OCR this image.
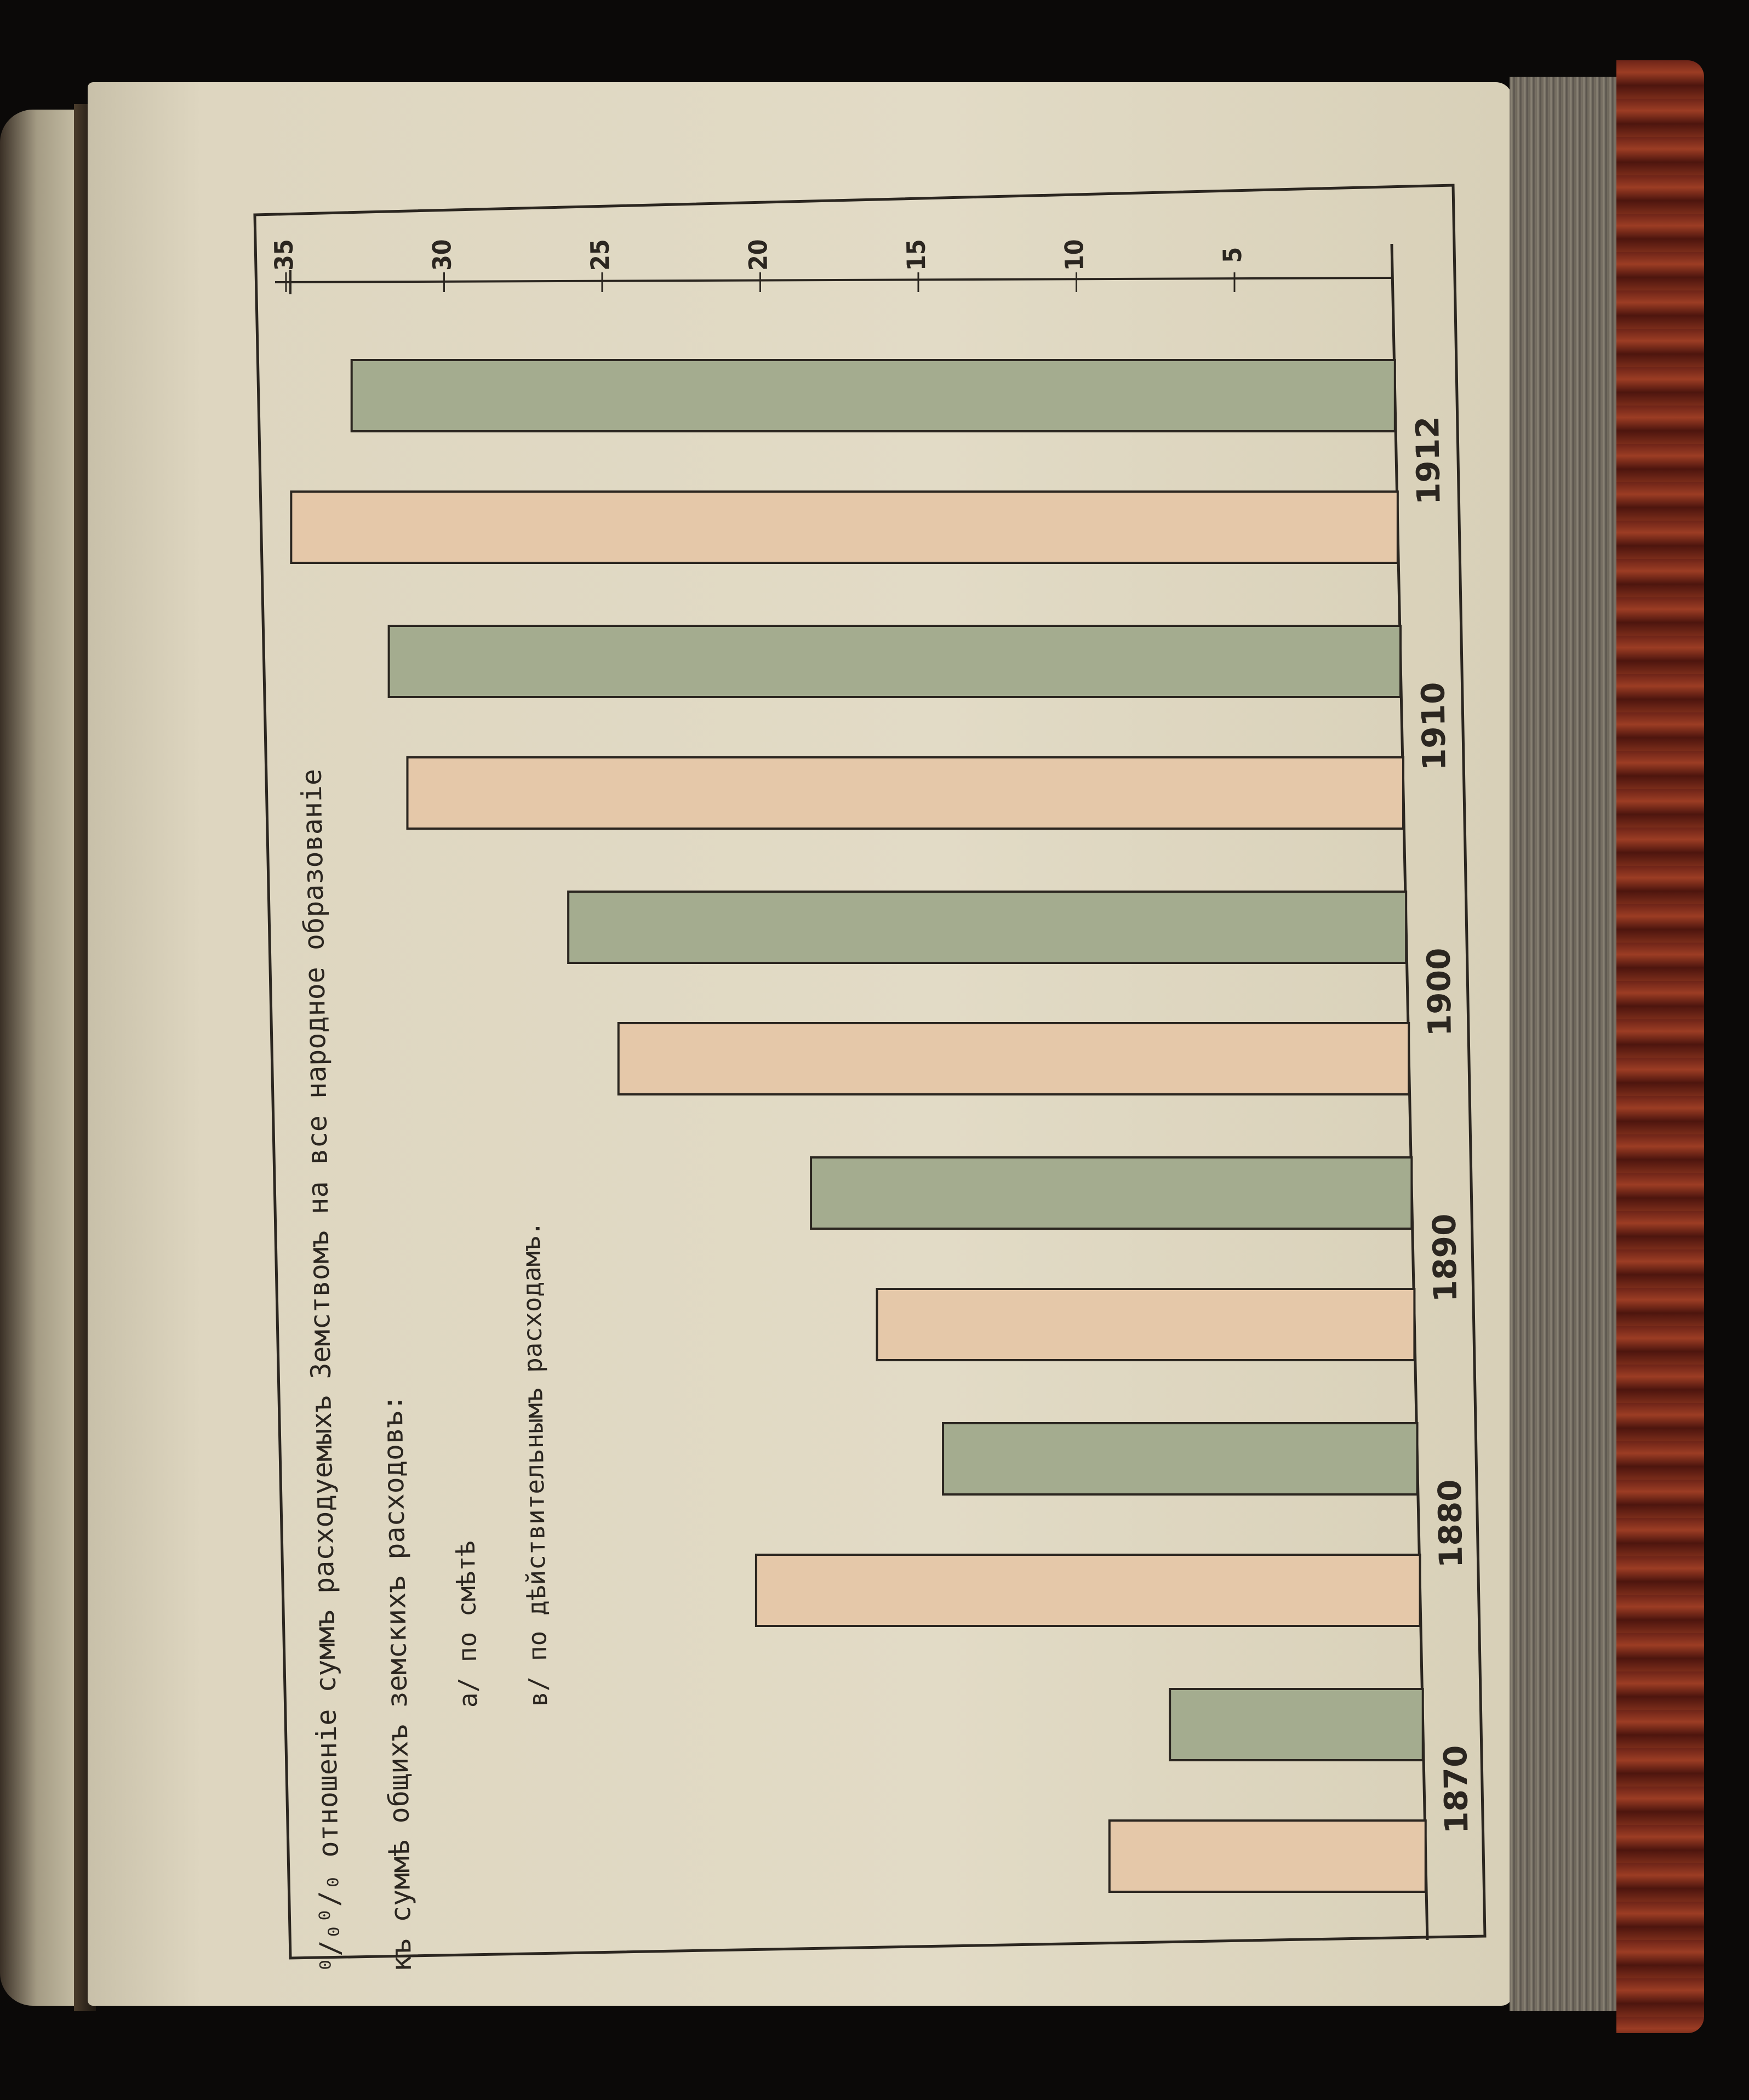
5
10
15
20
25
30
35
1870
1880
1890
1900
1910
1912
⁰/₀⁰/₀ отношеніе суммъ расходуемыхъ Земствомъ на все народное образованіе къ суммѣ общихъ земскихъ расходовъ: а/ по смѣтѣ в/ по дѣйствительнымъ расходамъ.
